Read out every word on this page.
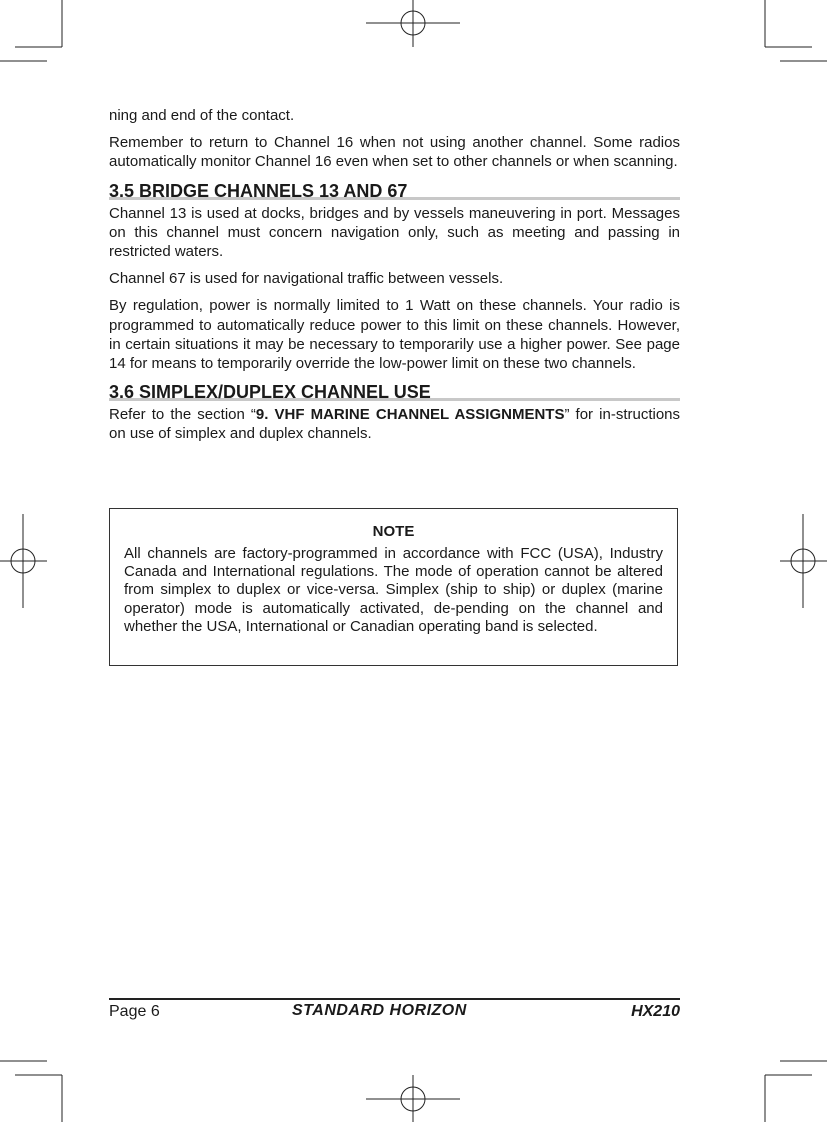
ning and end of the contact.

Remember to return to Channel 16 when not using another channel. Some radios automatically monitor Channel 16 even when set to other channels or when scanning.

3.5 BRIDGE CHANNELS 13 AND 67

Channel 13 is used at docks, bridges and by vessels maneuvering in port. Messages on this channel must concern navigation only, such as meeting and passing in restricted waters.

Channel 67 is used for navigational traffic between vessels.

By regulation, power is normally limited to 1 Watt on these channels. Your radio is programmed to automatically reduce power to this limit on these channels. However, in certain situations it may be necessary to temporarily use a higher power. See page 14 for means to temporarily override the low-power limit on these two channels.

3.6 SIMPLEX/DUPLEX CHANNEL USE

Refer to the section “9. VHF MARINE CHANNEL ASSIGNMENTS” for in-structions on use of simplex and duplex channels.

NOTE

All channels are factory-programmed in accordance with FCC (USA), Industry Canada and International regulations. The mode of operation cannot be altered from simplex to duplex or vice-versa. Simplex (ship to ship) or duplex (marine operator) mode is automatically activated, de-pending on the channel and whether the USA, International or Canadian operating band is selected.

Page 6	STANDARD HORIZON	HX210
